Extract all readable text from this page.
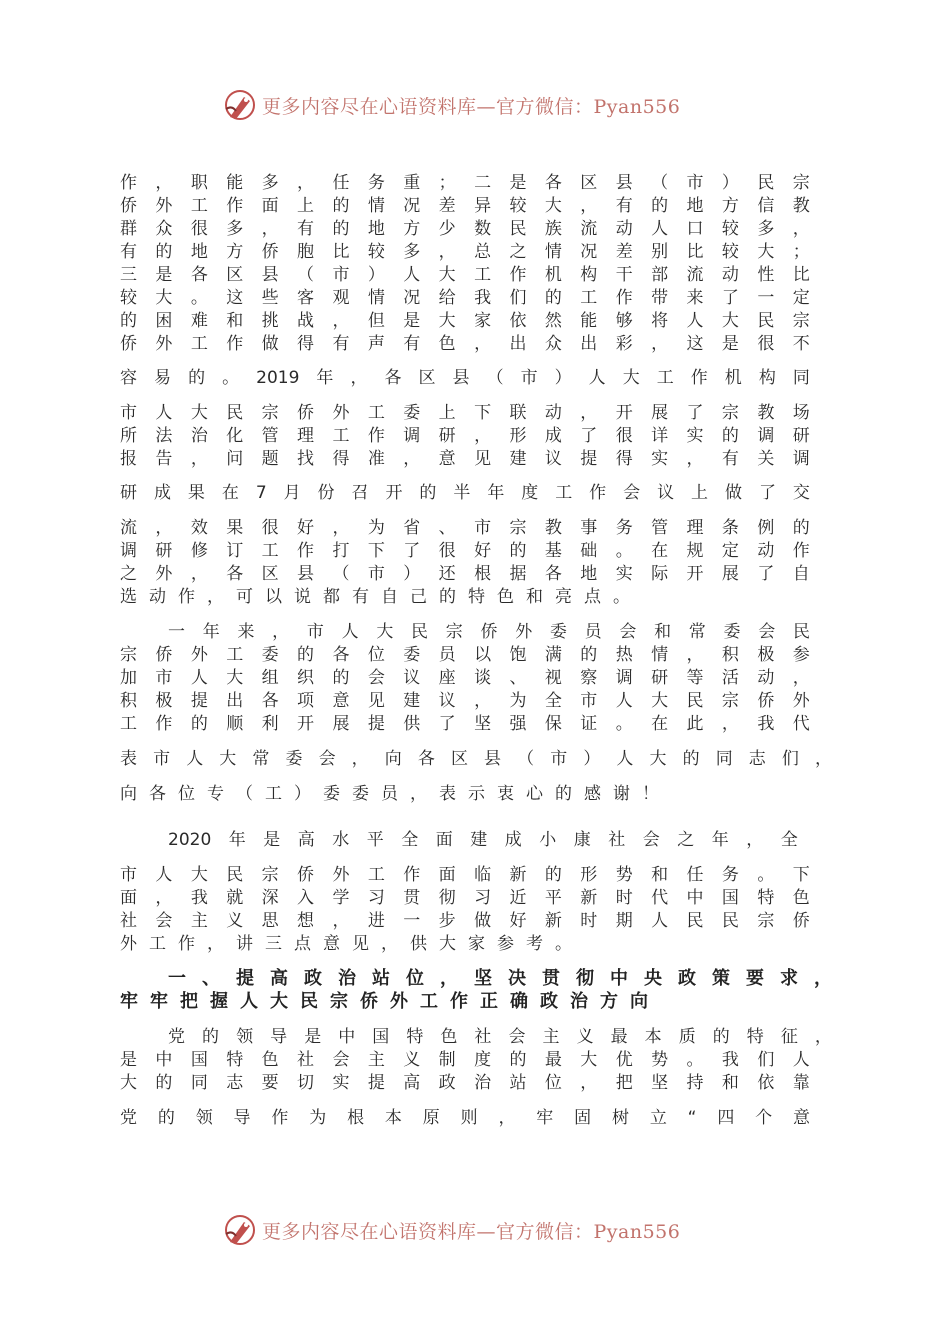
更多内容尽在心语资料库—官方微信：Pyan556
作 ， 职 能 多 ， 任 务 重 ； 二 是 各 区 县 （ 市 ） 民 宗
侨 外 工 作 面 上 的 情 况 差 异 较 大 ， 有 的 地 方 信 教
群 众 很 多 ， 有 的 地 方 少 数 民 族 流 动 人 口 较 多 ，
有 的 地 方 侨 胞 比 较 多 ， 总 之 情 况 差 别 比 较 大 ；
三 是 各 区 县 （ 市 ） 人 大 工 作 机 构 干 部 流 动 性 比
较 大 。 这 些 客 观 情 况 给 我 们 的 工 作 带 来 了 一 定
的 困 难 和 挑 战 ， 但 是 大 家 依 然 能 够 将 人 大 民 宗
侨 外 工 作 做 得 有 声 有 色 ， 出 众 出 彩 ， 这 是 很 不
容 易 的 。 2019 年 ， 各 区 县 （ 市 ） 人 大 工 作 机 构 同
市 人 大 民 宗 侨 外 工 委 上 下 联 动 ， 开 展 了 宗 教 场
所 法 治 化 管 理 工 作 调 研 ， 形 成 了 很 详 实 的 调 研
报 告 ， 问 题 找 得 准 ， 意 见 建 议 提 得 实 ， 有 关 调
研 成 果 在 7 月 份 召 开 的 半 年 度 工 作 会 议 上 做 了 交
流 ， 效 果 很 好 ， 为 省 、 市 宗 教 事 务 管 理 条 例 的
调 研 修 订 工 作 打 下 了 很 好 的 基 础 。 在 规 定 动 作
之 外 ， 各 区 县 （ 市 ） 还 根 据 各 地 实 际 开 展 了 自
选 动 作 ， 可 以 说 都 有 自 己 的 特 色 和 亮 点 。
一 年 来 ， 市 人 大 民 宗 侨 外 委 员 会 和 常 委 会 民
宗 侨 外 工 委 的 各 位 委 员 以 饱 满 的 热 情 ， 积 极 参
加 市 人 大 组 织 的 会 议 座 谈 、 视 察 调 研 等 活 动 ，
积 极 提 出 各 项 意 见 建 议 ， 为 全 市 人 大 民 宗 侨 外
工 作 的 顺 利 开 展 提 供 了 坚 强 保 证 。 在 此 ， 我 代
表 市 人 大 常 委 会 ， 向 各 区 县 （ 市 ） 人 大 的 同 志 们 ，
向 各 位 专 （ 工 ） 委 委 员 ， 表 示 衷 心 的 感 谢 ！
2020 年 是 高 水 平 全 面 建 成 小 康 社 会 之 年 ， 全
市 人 大 民 宗 侨 外 工 作 面 临 新 的 形 势 和 任 务 。 下
面 ， 我 就 深 入 学 习 贯 彻 习 近 平 新 时 代 中 国 特 色
社 会 主 义 思 想 ， 进 一 步 做 好 新 时 期 人 民 民 宗 侨
外 工 作 ， 讲 三 点 意 见 ， 供 大 家 参 考 。
一 、 提 高 政 治 站 位 ， 坚 决 贯 彻 中 央 政 策 要 求 ，
牢 牢 把 握 人 大 民 宗 侨 外 工 作 正 确 政 治 方 向
党 的 领 导 是 中 国 特 色 社 会 主 义 最 本 质 的 特 征 ，
是 中 国 特 色 社 会 主 义 制 度 的 最 大 优 势 。 我 们 人
大 的 同 志 要 切 实 提 高 政 治 站 位 ， 把 坚 持 和 依 靠
党 的 领 导 作 为 根 本 原 则 ， 牢 固 树 立 “ 四 个 意
更多内容尽在心语资料库—官方微信：Pyan556
